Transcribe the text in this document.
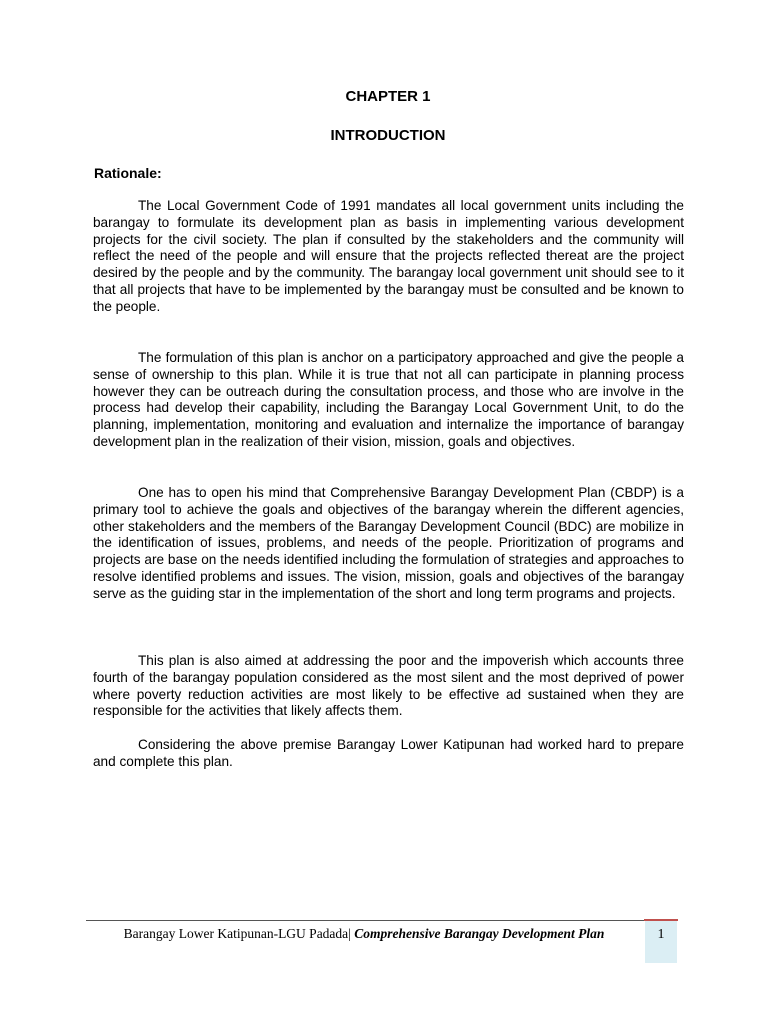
CHAPTER 1
INTRODUCTION
Rationale:

The Local Government Code of 1991 mandates all local government units including the barangay to formulate its development plan as basis in implementing various development projects for the civil society. The plan if consulted by the stakeholders and the community will reflect the need of the people and will ensure that the projects reflected thereat are the project desired by the people and by the community. The barangay local government unit should see to it that all projects that have to be implemented by the barangay must be consulted and be known to the people.

The formulation of this plan is anchor on a participatory approached and give the people a sense of ownership to this plan. While it is true that not all can participate in planning process however they can be outreach during the consultation process, and those who are involve in the process had develop their capability, including the Barangay Local Government Unit, to do the planning, implementation, monitoring and evaluation and internalize the importance of barangay development plan in the realization of their vision, mission, goals and objectives.

One has to open his mind that Comprehensive Barangay Development Plan (CBDP) is a primary tool to achieve the goals and objectives of the barangay wherein the different agencies, other stakeholders and the members of the Barangay Development Council (BDC) are mobilize in the identification of issues, problems, and needs of the people. Prioritization of programs and projects are base on the needs identified including the formulation of strategies and approaches to resolve identified problems and issues. The vision, mission, goals and objectives of the barangay serve as the guiding star in the implementation of the short and long term programs and projects.

This plan is also aimed at addressing the poor and the impoverish which accounts three fourth of the barangay population considered as the most silent and the most deprived of power where poverty reduction activities are most likely to be effective ad sustained when they are responsible for the activities that likely affects them.

Considering the above premise Barangay Lower Katipunan had worked hard to prepare and complete this plan.

Barangay Lower Katipunan-LGU Padada| Comprehensive Barangay Development Plan	1
